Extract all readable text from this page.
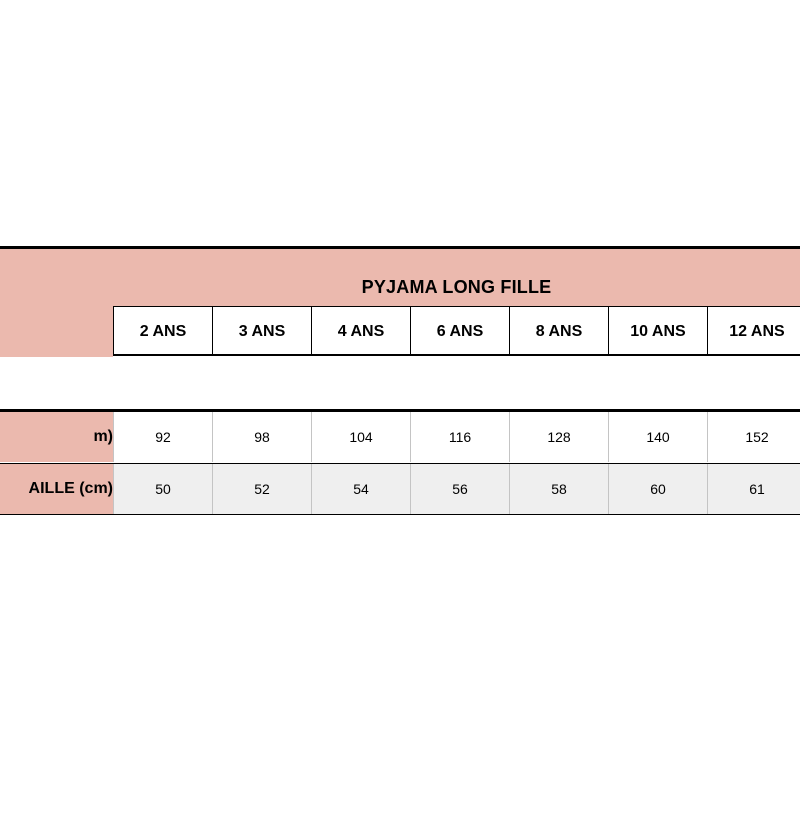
PYJAMA LONG FILLE
2 ANS	3 ANS	4 ANS	6 ANS	8 ANS	10 ANS	12 ANS
m)	92	98	104	116	128	140	152
AILLE (cm)	50	52	54	56	58	60	61
